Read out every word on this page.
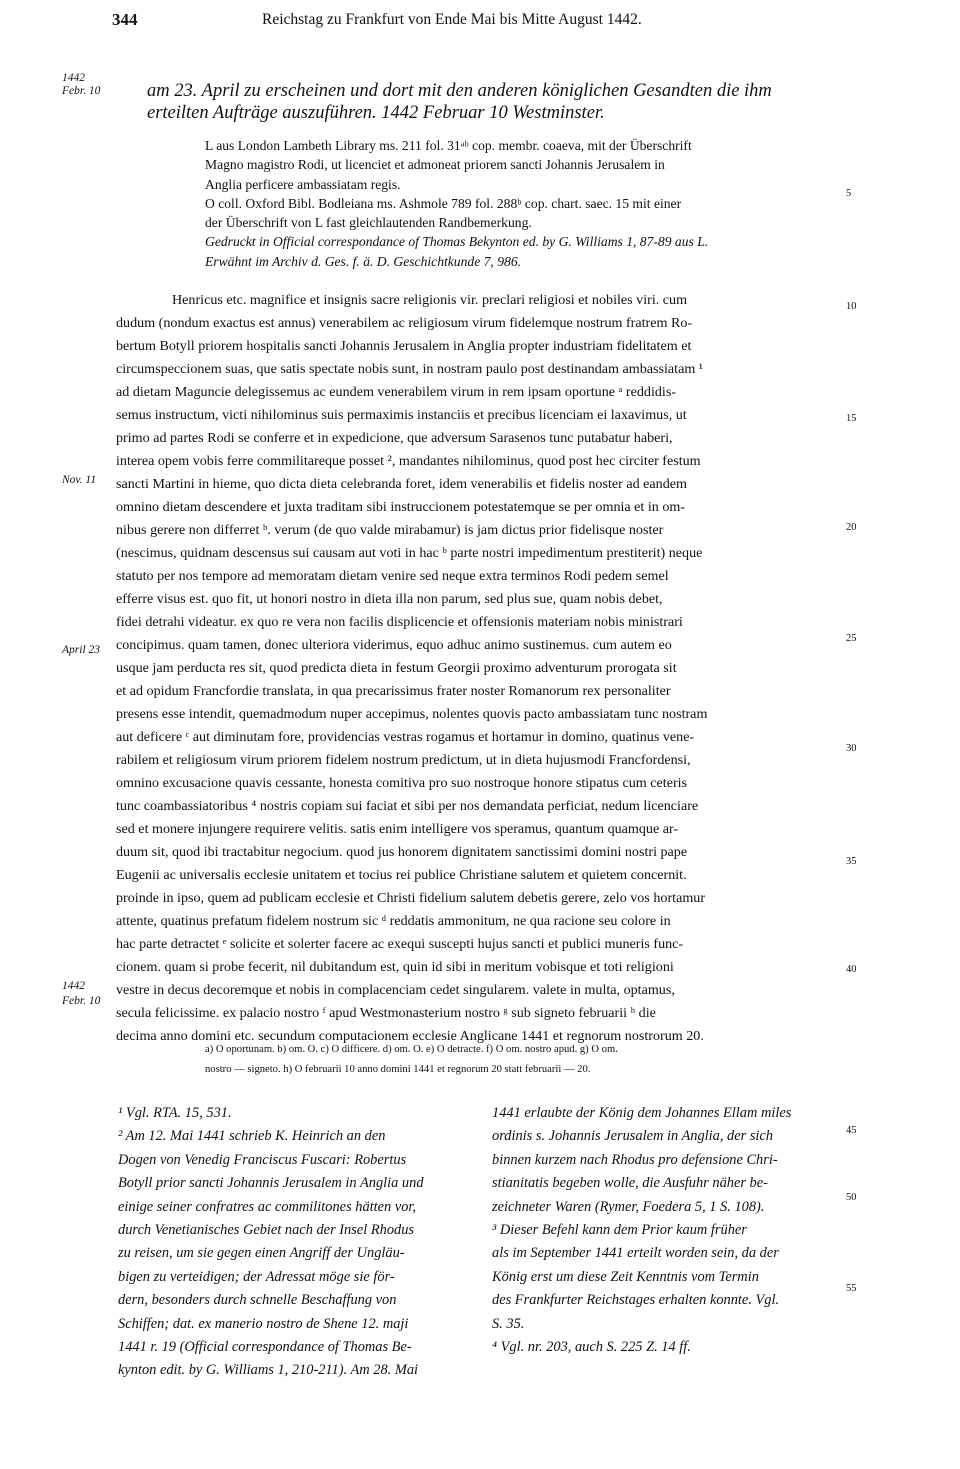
344	Reichstag zu Frankfurt von Ende Mai bis Mitte August 1442.
1442
Febr. 10
Nov. 11
April 23
1442
Febr. 10
5
10
15
20
25
30
35
40
45
50
55
am 23. April zu erscheinen und dort mit den anderen königlichen Gesandten die ihm
erteilten Aufträge auszuführen. 1442 Februar 10 Westminster.
L aus London Lambeth Library ms. 211 fol. 31ᵃᵇ cop. membr. coaeva, mit der Überschrift
Magno magistro Rodi, ut licenciet et admoneat priorem sancti Johannis Jerusalem in
Anglia perficere ambassiatam regis.
O coll. Oxford Bibl. Bodleiana ms. Ashmole 789 fol. 288ᵇ cop. chart. saec. 15 mit einer
der Überschrift von L fast gleichlautenden Randbemerkung.
Gedruckt in Official correspondance of Thomas Bekynton ed. by G. Williams 1, 87-89 aus L.
Erwähnt im Archiv d. Ges. f. ä. D. Geschichtkunde 7, 986.
Henricus etc. magnifice et insignis sacre religionis vir. preclari religiosi et nobiles viri. cum
dudum (nondum exactus est annus) venerabilem ac religiosum virum fidelemque nostrum fratrem Ro-
bertum Botyll priorem hospitalis sancti Johannis Jerusalem in Anglia propter industriam fidelitatem et
circumspeccionem suas, que satis spectate nobis sunt, in nostram paulo post destinandam ambassiatam ¹
ad dietam Maguncie delegissemus ac eundem venerabilem virum in rem ipsam oportune ᵃ reddidis-
semus instructum, victi nihilominus suis permaximis instanciis et precibus licenciam ei laxavimus, ut
primo ad partes Rodi se conferre et in expedicione, que adversum Sarasenos tunc putabatur haberi,
interea opem vobis ferre commilitareque posset ², mandantes nihilominus, quod post hec circiter festum
sancti Martini in hieme, quo dicta dieta celebranda foret, idem venerabilis et fidelis noster ad eandem
omnino dietam descendere et juxta traditam sibi instruccionem potestatemque se per omnia et in om-
nibus gerere non differret ᵇ. verum (de quo valde mirabamur) is jam dictus prior fidelisque noster
(nescimus, quidnam descensus sui causam aut voti in hac ᵇ parte nostri impedimentum prestiterit) neque
statuto per nos tempore ad memoratam dietam venire sed neque extra terminos Rodi pedem semel
efferre visus est. quo fit, ut honori nostro in dieta illa non parum, sed plus sue, quam nobis debet,
fidei detrahi videatur. ex quo re vera non facilis displicencie et offensionis materiam nobis ministrari
concipimus. quam tamen, donec ulteriora viderimus, equo adhuc animo sustinemus. cum autem eo
usque jam perducta res sit, quod predicta dieta in festum Georgii proximo adventurum prorogata sit
et ad opidum Francfordie translata, in qua precarissimus frater noster Romanorum rex personaliter
presens esse intendit, quemadmodum nuper accepimus, nolentes quovis pacto ambassiatam tunc nostram
aut deficere ᶜ aut diminutam fore, providencias vestras rogamus et hortamur in domino, quatinus vene-
rabilem et religiosum virum priorem fidelem nostrum predictum, ut in dieta hujusmodi Francfordensi,
omnino excusacione quavis cessante, honesta comitiva pro suo nostroque honore stipatus cum ceteris
tunc coambassiatoribus ⁴ nostris copiam sui faciat et sibi per nos demandata perficiat, nedum licenciare
sed et monere injungere requirere velitis. satis enim intelligere vos speramus, quantum quamque ar-
duum sit, quod ibi tractabitur negocium. quod jus honorem dignitatem sanctissimi domini nostri pape
Eugenii ac universalis ecclesie unitatem et tocius rei publice Christiane salutem et quietem concernit.
proinde in ipso, quem ad publicam ecclesie et Christi fidelium salutem debetis gerere, zelo vos hortamur
attente, quatinus prefatum fidelem nostrum sic ᵈ reddatis ammonitum, ne qua racione seu colore in
hac parte detractet ᵉ solicite et solerter facere ac exequi suscepti hujus sancti et publici muneris func-
cionem. quam si probe fecerit, nil dubitandum est, quin id sibi in meritum vobisque et toti religioni
vestre in decus decoremque et nobis in complacenciam cedet singularem. valete in multa, optamus,
secula felicissime. ex palacio nostro ᶠ apud Westmonasterium nostro ᵍ sub signeto februarii ʰ die
decima anno domini etc. secundum computacionem ecclesie Anglicane 1441 et regnorum nostrorum 20.
a) O oportunam. b) om. O. c) O difficere. d) om. O. e) O detracte. f) O om. nostro apud. g) O om.
nostro — signeto. h) O februarii 10 anno domini 1441 et regnorum 20 statt februarii — 20.
¹ Vgl. RTA. 15, 531.
² Am 12. Mai 1441 schrieb K. Heinrich an den
Dogen von Venedig Franciscus Fuscari: Robertus
Botyll prior sancti Johannis Jerusalem in Anglia und
einige seiner confratres ac commilitones hätten vor,
durch Venetianisches Gebiet nach der Insel Rhodus
zu reisen, um sie gegen einen Angriff der Ungläu-
bigen zu verteidigen; der Adressat möge sie för-
dern, besonders durch schnelle Beschaffung von
Schiffen; dat. ex manerio nostro de Shene 12. maji
1441 r. 19 (Official correspondance of Thomas Be-
kynton edit. by G. Williams 1, 210-211). Am 28. Mai
1441 erlaubte der König dem Johannes Ellam miles
ordinis s. Johannis Jerusalem in Anglia, der sich
binnen kurzem nach Rhodus pro defensione Chri-
stianitatis begeben wolle, die Ausfuhr näher be-
zeichneter Waren (Rymer, Foedera 5, 1 S. 108).
³ Dieser Befehl kann dem Prior kaum früher
als im September 1441 erteilt worden sein, da der
König erst um diese Zeit Kenntnis vom Termin
des Frankfurter Reichstages erhalten konnte. Vgl.
S. 35.
⁴ Vgl. nr. 203, auch S. 225 Z. 14 ff.
